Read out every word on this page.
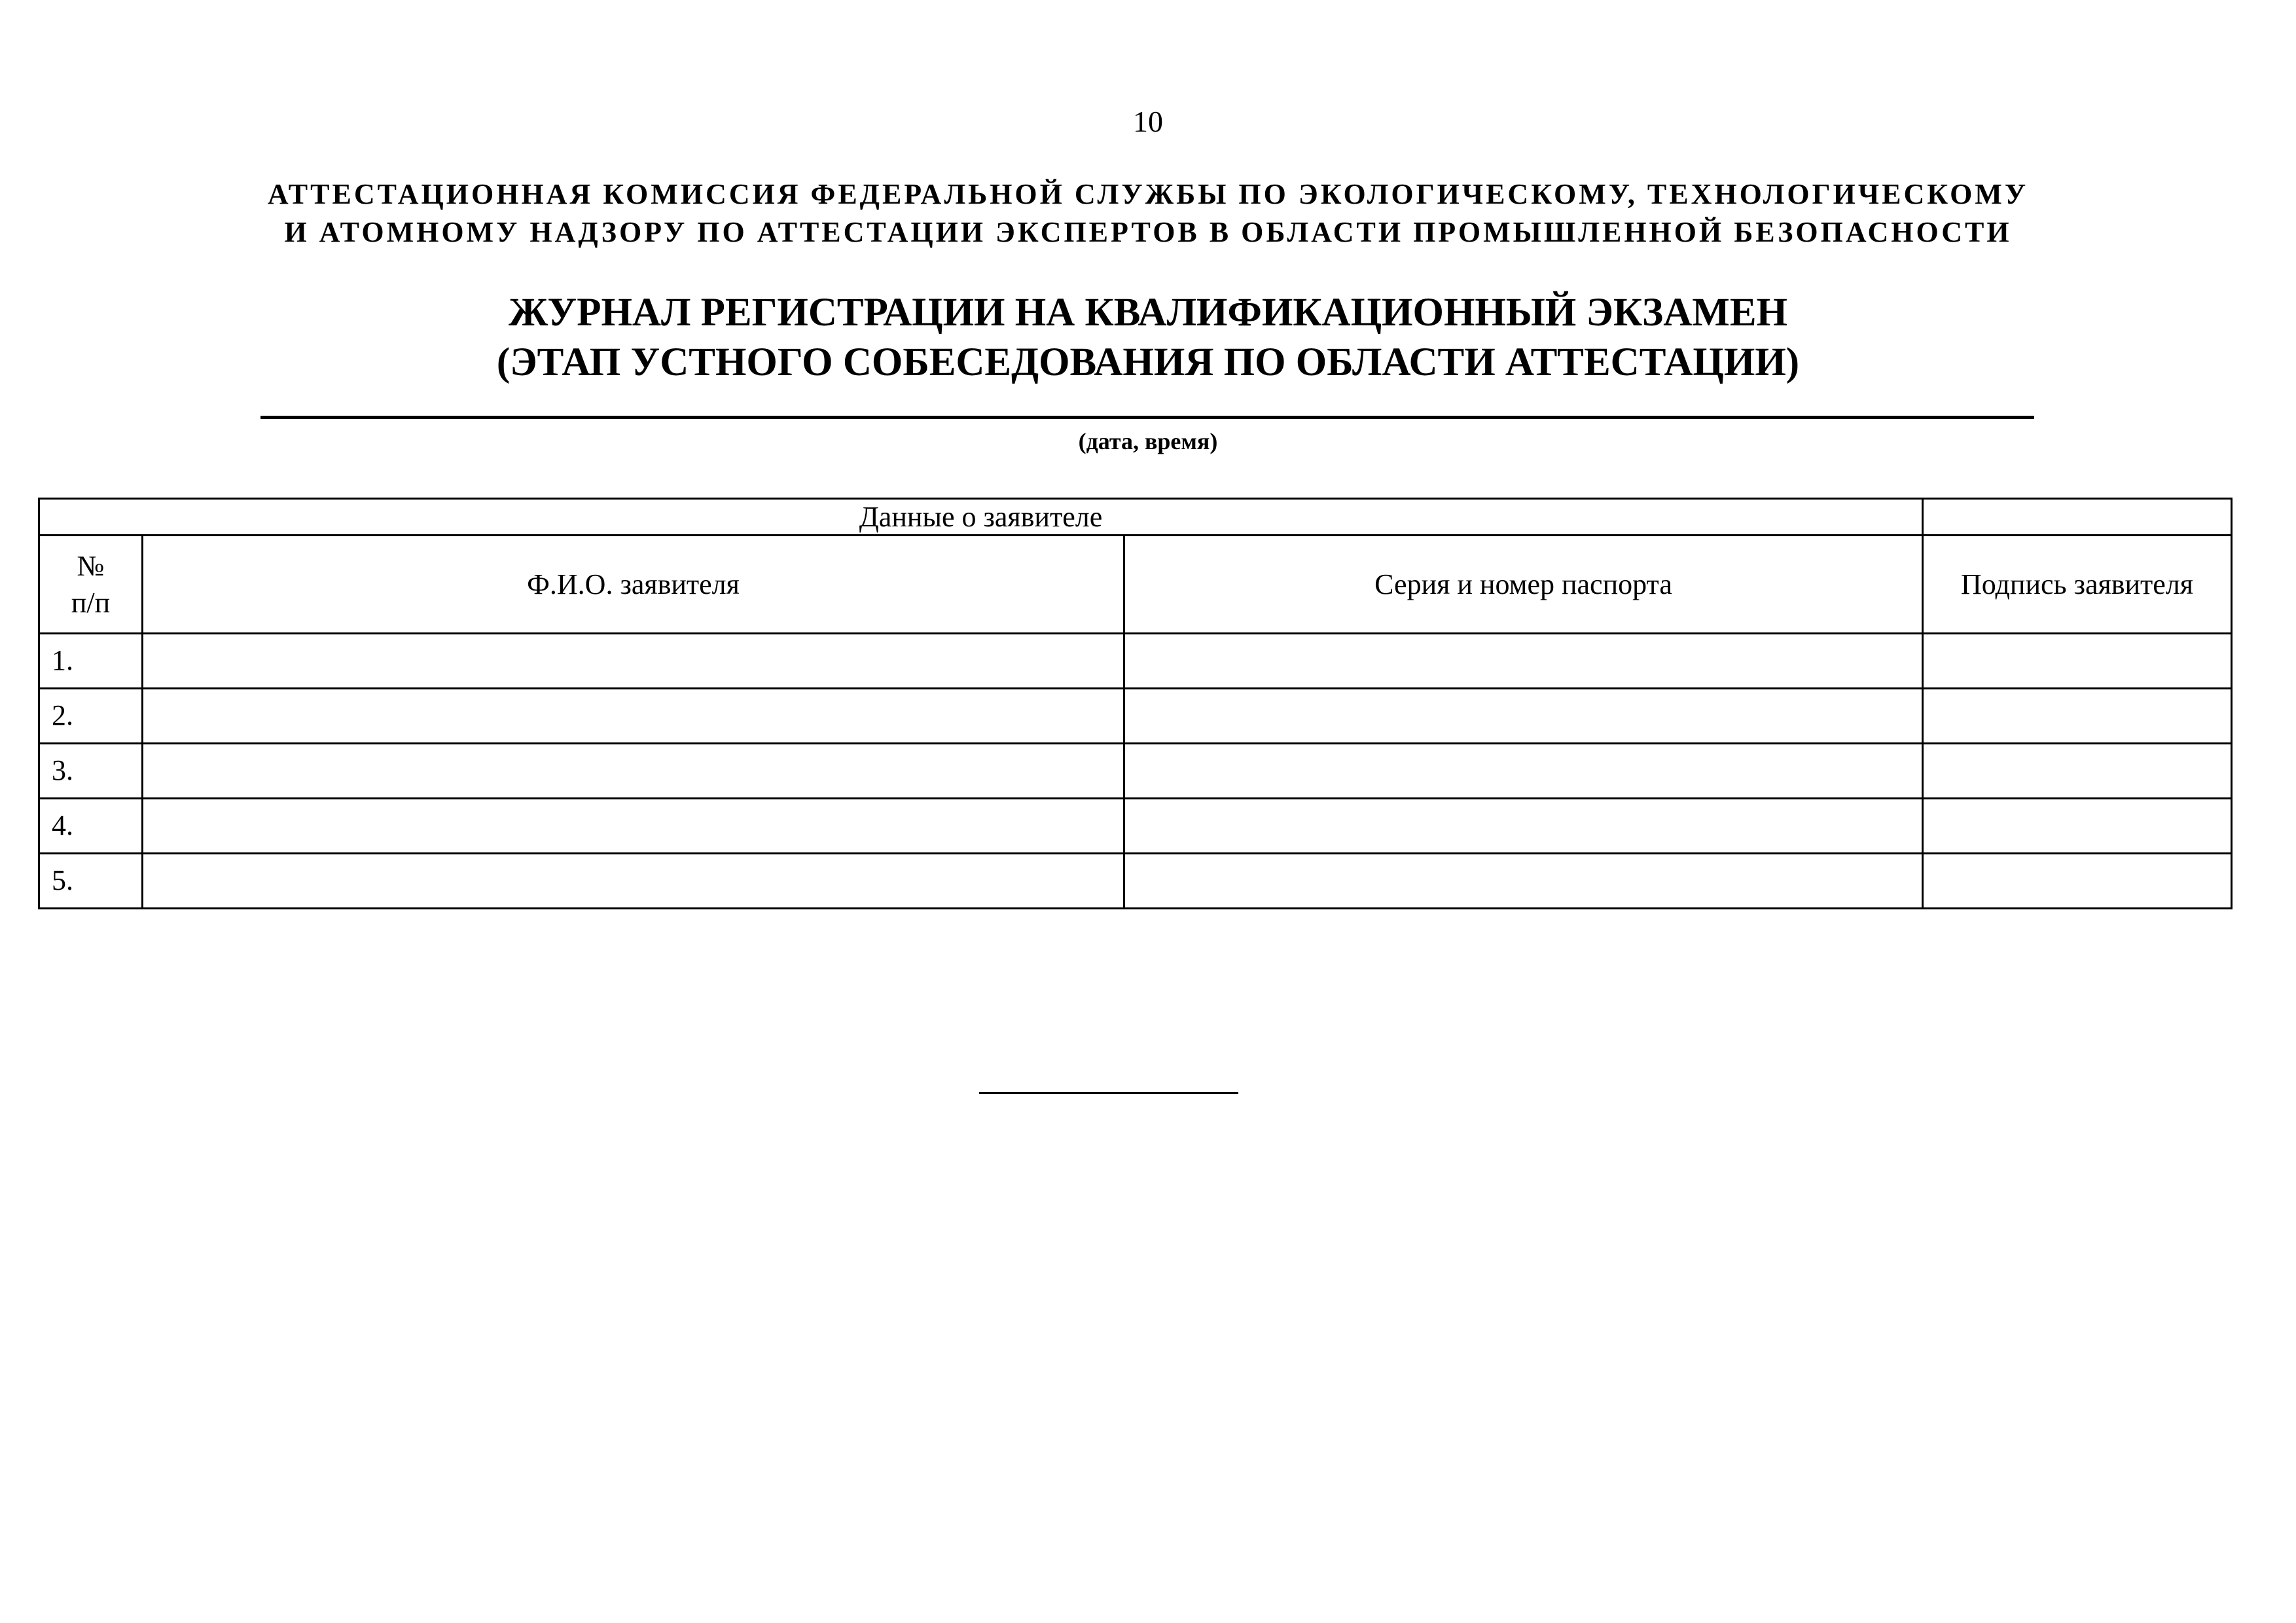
10
АТТЕСТАЦИОННАЯ КОМИССИЯ ФЕДЕРАЛЬНОЙ СЛУЖБЫ ПО ЭКОЛОГИЧЕСКОМУ, ТЕХНОЛОГИЧЕСКОМУ
И АТОМНОМУ НАДЗОРУ ПО АТТЕСТАЦИИ ЭКСПЕРТОВ В ОБЛАСТИ ПРОМЫШЛЕННОЙ БЕЗОПАСНОСТИ
ЖУРНАЛ РЕГИСТРАЦИИ НА КВАЛИФИКАЦИОННЫЙ ЭКЗАМЕН
(ЭТАП УСТНОГО СОБЕСЕДОВАНИЯ ПО ОБЛАСТИ АТТЕСТАЦИИ)
(дата, время)
Данные о заявителе			

№
п/п	Ф.И.О. заявителя	Серия и номер паспорта	Подпись заявителя
1.			
2.			
3.			
4.			
5.			
